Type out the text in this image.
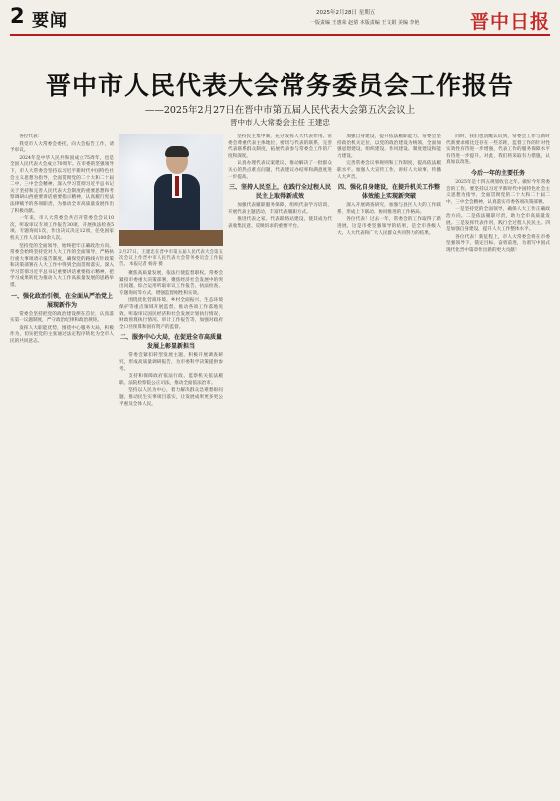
2 要闻	2025年2月28日 星期五
一版责编 王惠荣 赵倩 本版责编 王文娟 美编 李艳	晋中日报
晋中市人民代表大会常务委员会工作报告
——2025年2月27日在晋中市第五届人民代表大会第五次会议上
晋中市人大常委会主任 王建忠

各位代表：

我受市人大常委会委托，向大会报告工作，请予审议。

2024年是中华人民共和国成立75周年，也是全国人民代表大会成立70周年。在市委的坚强领导下，市人大常委会坚持以习近平新时代中国特色社会主义思想为指导，全面贯彻党的二十大和二十届二中、三中全会精神，深入学习贯彻习近平总书记关于坚持和完善人民代表大会制度的重要思想和考察调研山西重要讲话重要指示精神，认真履行宪法法律赋予的各项职责，为推动全市高质量发展作出了积极贡献。

一年来，市人大常委会共召开常委会会议10次，听取审议专项工作报告30项，开展执法检查5项、专题询问1次，作出决议决定12项，任免国家机关工作人员100余人次。

坚持党的全面领导，始终把牢正确政治方向。常委会始终坚持党对人大工作的全面领导，严格执行重大事项请示报告制度，确保党的路线方针政策和决策部署在人大工作中得到全面贯彻落实。深入学习贯彻习近平总书记重要讲话重要指示精神，把学习成果转化为推动人大工作高质量发展的思路举措。

一、强化政治引领，在全面从严治党上展现新作为

常委会坚持把党的政治建设摆在首位，认真落实第一议题制度，严守政治纪律和政治规矩。

发挥人大职能优势，围绕中心服务大局，积极作为，切实把党的主张通过法定程序转化为全市人民的共同意志。

2月27日，王建忠在晋中市第五届人民代表大会第五次会议上作晋中市人民代表大会常务委员会工作报告。 本报记者 杨涛 摄

聚焦高质量发展，依法行使监督职权。常委会紧扣市委重大决策部署，聚焦经济社会发展中的突出问题，综合运用听取审议工作报告、执法检查、专题询问等方式，增强监督刚性和实效。

围绕优化营商环境、乡村全面振兴、生态环境保护等重点领域开展监督，推动各项工作落地见效。听取审议国民经济和社会发展计划执行情况、财政预算执行情况、审计工作报告等，加强对政府全口径预算和国有资产的监督。

二、服务中心大局，在促进全市高质量发展上彰显新担当

常委会紧扣转型发展主题，积极开展调查研究，形成高质量调研报告，为市委科学决策提供参考。

支持和保障政府依法行政、监察机关依法履职、法院检察院公正司法，推动全面依法治市。

坚持以人民为中心，着力解决群众急难愁盼问题，推动民生实事项目落实，让发展成果更多更公平惠及全体人民。

坚持民主集中制，充分发挥人大代表作用。常委会尊重代表主体地位，密切与代表的联系，完善代表联系群众制度，拓展代表参与常委会工作的广度和深度。

认真办理代表议案建议，推动解决了一批群众关心的热点难点问题，代表建议办结率和满意度进一步提高。

三、坚持人民至上，在践行全过程人民民主上取得新成效

加强代表履职服务保障，组织代表学习培训，开展代表主题活动，丰富代表履职方式。

推进代表之家、代表联络站建设，使其成为代表收集民意、反映诉求的重要平台。

加强自身建设，提升依法履职能力。常委会坚持政治机关定位，以党的政治建设为统领，全面加强思想建设、组织建设、作风建设、制度建设和能力建设。

完善常委会议事规则和工作制度，提高依法履职水平。加强人大宣传工作，讲好人大故事，传播人大声音。

四、强化自身建设，在提升机关工作整体效能上实现新突破

深入开展调查研究，加强与县区人大的工作联系，形成上下联动、协同推进的工作格局。

各位代表！过去一年，常委会的工作取得了新进展，这是市委坚强领导的结果，是全市各级人大、人大代表和广大人民群众共同努力的结果。

同时，我们也清醒认识到，常委会工作与新时代新要求相比还存在一些差距，监督工作的针对性实效性有待进一步增强，代表工作的服务保障水平有待进一步提升。对此，我们将采取有力措施，认真加以改进。

今后一年的主要任务

2025年是十四五规划收官之年。做好今年常委会的工作，要坚持以习近平新时代中国特色社会主义思想为指导，全面贯彻党的二十大和二十届二中、三中全会精神，认真落实市委各项决策部署。

一是坚持党的全面领导，确保人大工作正确政治方向。二是依法履职尽责，助力全市高质量发展。三是发挥代表作用，践行全过程人民民主。四是加强自身建设，提升人大工作整体水平。

各位代表！新征程上，市人大常委会将在市委坚强领导下，锚定目标、奋勇前进，为谱写中国式现代化晋中篇章作出新的更大贡献！
